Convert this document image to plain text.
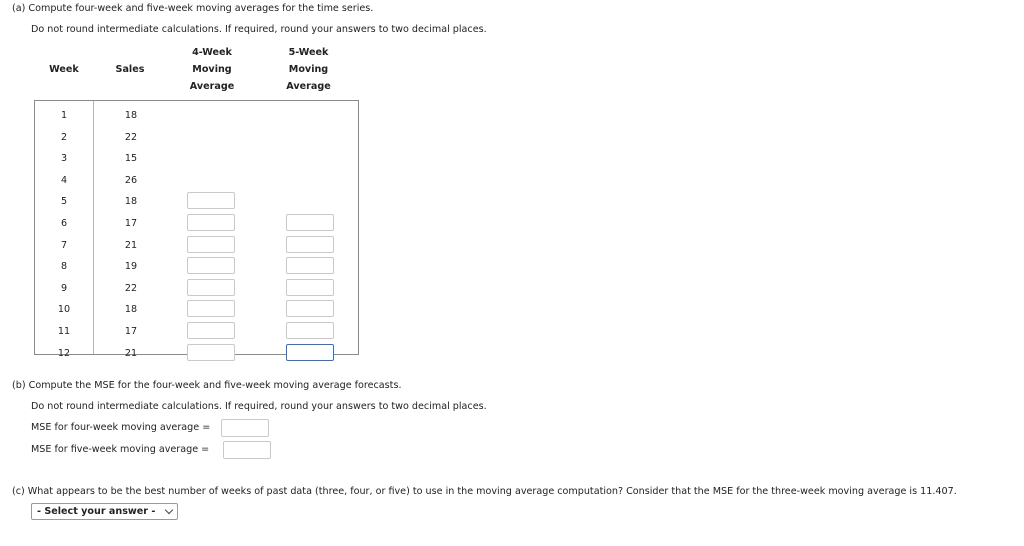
(a) Compute four-week and five-week moving averages for the time series.
Do not round intermediate calculations. If required, round your answers to two decimal places.
Week	Sales
4-Week
Moving
Average
5-Week
Moving
Average
1	18
2	22
3	15
4	26
5	18
6	17
7	21
8	19
9	22
10	18
11	17
12	21
(b) Compute the MSE for the four-week and five-week moving average forecasts.
Do not round intermediate calculations. If required, round your answers to two decimal places.
MSE for four-week moving average =
MSE for five-week moving average =
(c) What appears to be the best number of weeks of past data (three, four, or five) to use in the moving average computation? Consider that the MSE for the three-week moving average is 11.407.
- Select your answer -
